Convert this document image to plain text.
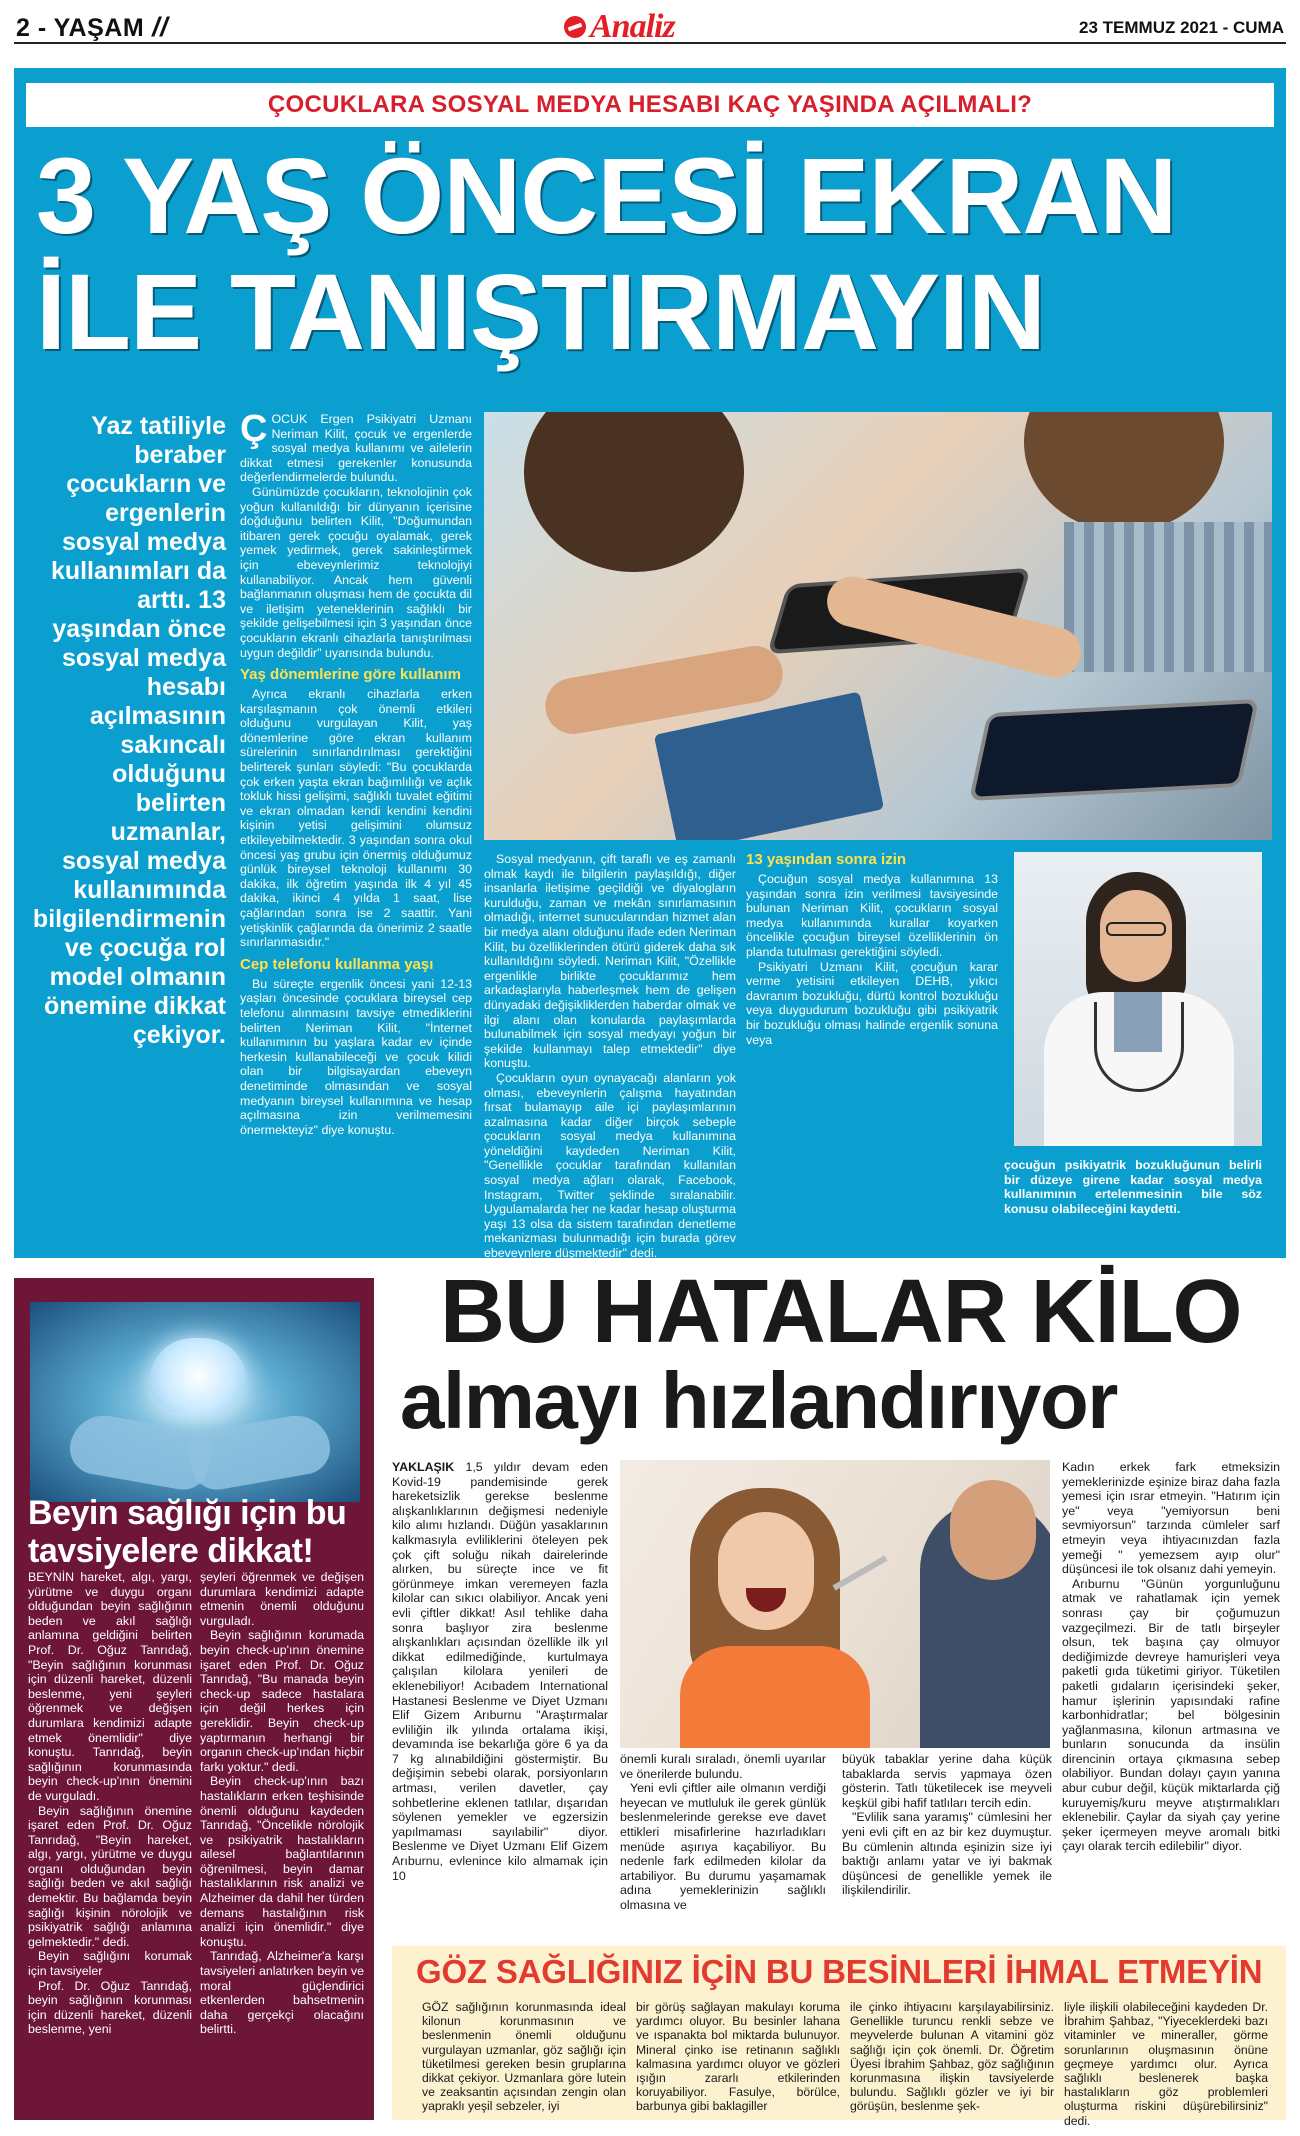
2 - YAŞAM //	Analiz	23 TEMMUZ 2021 - CUMA
ÇOCUKLARA SOSYAL MEDYA HESABI KAÇ YAŞINDA AÇILMALI?
3 YAŞ ÖNCESİ EKRAN
İLE TANIŞTIRMAYIN
Yaz tatiliyle beraber çocukların ve ergenlerin sosyal medya kullanımları da arttı. 13 yaşından önce sosyal medya hesabı açılmasının sakıncalı olduğunu belirten uzmanlar, sosyal medya kullanımında bilgilendirmenin ve çocuğa rol model olmanın önemine dikkat çekiyor.

ÇOCUK Ergen Psikiyatri Uzmanı Neriman Kilit, çocuk ve ergenlerde sosyal medya kullanımı ve ailelerin dikkat etmesi gerekenler konusunda değerlendirmelerde bulundu.

Günümüzde çocukların, teknolojinin çok yoğun kullanıldığı bir dünyanın içerisine doğduğunu belirten Kilit, "Doğumundan itibaren gerek çocuğu oyalamak, gerek yemek yedirmek, gerek sakinleştirmek için ebeveynlerimiz teknolojiyi kullanabiliyor. Ancak hem güvenli bağlanmanın oluşması hem de çocukta dil ve iletişim yeteneklerinin sağlıklı bir şekilde gelişebilmesi için 3 yaşından önce çocukların ekranlı cihazlarla tanıştırılması uygun değildir" uyarısında bulundu.

Yaş dönemlerine göre kullanım

Ayrıca ekranlı cihazlarla erken karşılaşmanın çok önemli etkileri olduğunu vurgulayan Kilit, yaş dönemlerine göre ekran kullanım sürelerinin sınırlandırılması gerektiğini belirterek şunları söyledi: "Bu çocuklarda çok erken yaşta ekran bağımlılığı ve açlık tokluk hissi gelişimi, sağlıklı tuvalet eğitimi ve ekran olmadan kendi kendini kendini kişinin yetisi gelişimini olumsuz etkileyebilmektedir. 3 yaşından sonra okul öncesi yaş grubu için önermiş olduğumuz günlük bireysel teknoloji kullanımı 30 dakika, ilk öğretim yaşında ilk 4 yıl 45 dakika, ikinci 4 yılda 1 saat, lise çağlarından sonra ise 2 saattir. Yani yetişkinlik çağlarında da önerimiz 2 saatle sınırlanmasıdır."

Cep telefonu kullanma yaşı

Bu süreçte ergenlik öncesi yani 12-13 yaşları öncesinde çocuklara bireysel cep telefonu alınmasını tavsiye etmediklerini belirten Neriman Kilit, "İnternet kullanımının bu yaşlara kadar ev içinde herkesin kullanabileceği ve çocuk kilidi olan bir bilgisayardan ebeveyn denetiminde olmasından ve sosyal medyanın bireysel kullanımına ve hesap açılmasına izin verilmemesini önermekteyiz" diye konuştu.

Sosyal medyanın, çift taraflı ve eş zamanlı olmak kaydı ile bilgilerin paylaşıldığı, diğer insanlarla iletişime geçildiği ve diyalogların kurulduğu, zaman ve mekân sınırlamasının olmadığı, internet sunucularından hizmet alan bir medya alanı olduğunu ifade eden Neriman Kilit, bu özelliklerinden ötürü giderek daha sık kullanıldığını söyledi. Neriman Kilit, "Özellikle ergenlikle birlikte çocuklarımız hem arkadaşlarıyla haberleşmek hem de gelişen dünyadaki değişikliklerden haberdar olmak ve ilgi alanı olan konularda paylaşımlarda bulunabilmek için sosyal medyayı yoğun bir şekilde kullanmayı talep etmektedir" diye konuştu.

Çocukların oyun oynayacağı alanların yok olması, ebeveynlerin çalışma hayatından fırsat bulamayıp aile içi paylaşımlarının azalmasına kadar diğer birçok sebeple çocukların sosyal medya kullanımına yöneldiğini kaydeden Neriman Kilit, "Genellikle çocuklar tarafından kullanılan sosyal medya ağları olarak, Facebook, Instagram, Twitter şeklinde sıralanabilir. Uygulamalarda her ne kadar hesap oluşturma yaşı 13 olsa da sistem tarafından denetleme mekanizması bulunmadığı için burada görev ebeveynlere düşmektedir" dedi.

13 yaşından sonra izin

Çocuğun sosyal medya kullanımına 13 yaşından sonra izin verilmesi tavsiyesinde bulunan Neriman Kilit, çocukların sosyal medya kullanımında kurallar koyarken öncelikle çocuğun bireysel özelliklerinin ön planda tutulması gerektiğini söyledi.

Psikiyatri Uzmanı Kilit, çocuğun karar verme yetisini etkileyen DEHB, yıkıcı davranım bozukluğu, dürtü kontrol bozukluğu veya duygudurum bozukluğu gibi psikiyatrik bir bozukluğu olması halinde ergenlik sonuna veya

çocuğun psikiyatrik bozukluğunun belirli bir düzeye girene kadar sosyal medya kullanımının ertelenmesinin bile söz konusu olabileceğini kaydetti.

Beyin sağlığı için bu tavsiyelere dikkat!

BEYNİN hareket, algı, yargı, yürütme ve duygu organı olduğundan beyin sağlığının beden ve akıl sağlığı anlamına geldiğini belirten Prof. Dr. Oğuz Tanrıdağ, "Beyin sağlığının korunması için düzenli hareket, düzenli beslenme, yeni şeyleri öğrenmek ve değişen durumlara kendimizi adapte etmek önemlidir" diye konuştu. Tanrıdağ, beyin sağlığının korunmasında beyin check-up'ının önemini de vurguladı.

Beyin sağlığının önemine işaret eden Prof. Dr. Oğuz Tanrıdağ, "Beyin hareket, algı, yargı, yürütme ve duygu organı olduğundan beyin sağlığı beden ve akıl sağlığı demektir. Bu bağlamda beyin sağlığı kişinin nörolojik ve psikiyatrik sağlığı anlamına gelmektedir." dedi.

Beyin sağlığını korumak için tavsiyeler

Prof. Dr. Oğuz Tanrıdağ, beyin sağlığının korunması için düzenli hareket, düzenli beslenme, yeni

şeyleri öğrenmek ve değişen durumlara kendimizi adapte etmenin önemli olduğunu vurguladı.

Beyin sağlığının korumada beyin check-up'ının önemine işaret eden Prof. Dr. Oğuz Tanrıdağ, "Bu manada beyin check-up sadece hastalara için değil herkes için gereklidir. Beyin check-up yaptırmanın herhangi bir organın check-up'ından hiçbir farkı yoktur." dedi.

Beyin check-up'ının bazı hastalıkların erken teşhisinde önemli olduğunu kaydeden Tanrıdağ, "Öncelikle nörolojik ve psikiyatrik hastalıkların ailesel bağlantılarının öğrenilmesi, beyin damar hastalıklarının risk analizi ve Alzheimer da dahil her türden demans hastalığının risk analizi için önemlidir." diye konuştu.

Tanrıdağ, Alzheimer'a karşı tavsiyeleri anlatırken beyin ve moral güçlendirici etkenlerden bahsetmenin daha gerçekçi olacağını belirtti.

BU HATALAR KİLO
almayı hızlandırıyor

YAKLAŞIK 1,5 yıldır devam eden Kovid-19 pandemisinde gerek hareketsizlik gerekse beslenme alışkanlıklarının değişmesi nedeniyle kilo alımı hızlandı. Düğün yasaklarının kalkmasıyla evliliklerini öteleyen pek çok çift soluğu nikah dairelerinde alırken, bu süreçte ince ve fit görünmeye imkan veremeyen fazla kilolar can sıkıcı olabiliyor. Ancak yeni evli çiftler dikkat! Asıl tehlike daha sonra başlıyor zira beslenme alışkanlıkları açısından özellikle ilk yıl dikkat edilmediğinde, kurtulmaya çalışılan kilolara yenileri de eklenebiliyor! Acıbadem International Hastanesi Beslenme ve Diyet Uzmanı Elif Gizem Arıburnu "Araştırmalar evliliğin ilk yılında ortalama ikişi, devamında ise bekarlığa göre 6 ya da 7 kg alınabildiğini göstermiştir. Bu değişimin sebebi olarak, porsiyonların artması, verilen davetler, çay sohbetlerine eklenen tatlılar, dışarıdan söylenen yemekler ve egzersizin yapılmaması sayılabilir" diyor. Beslenme ve Diyet Uzmanı Elif Gizem Arıburnu, evlenince kilo almamak için 10

önemli kuralı sıraladı, önemli uyarılar ve önerilerde bulundu.

Yeni evli çiftler aile olmanın verdiği heyecan ve mutluluk ile gerek günlük beslenmelerinde gerekse eve davet ettikleri misafirlerine hazırladıkları menüde aşırıya kaçabiliyor. Bu nedenle fark edilmeden kilolar da artabiliyor. Bu durumu yaşamamak adına yemeklerinizin sağlıklı olmasına ve

büyük tabaklar yerine daha küçük tabaklarda servis yapmaya özen gösterin. Tatlı tüketilecek ise meyveli keşkül gibi hafif tatlıları tercih edin.

"Evlilik sana yaramış" cümlesini her yeni evli çift en az bir kez duymuştur. Bu cümlenin altında eşinizin size iyi baktığı anlamı yatar ve iyi bakmak düşüncesi de genellikle yemek ile ilişkilendirilir.

Kadın erkek fark etmeksizin yemeklerinizde eşinize biraz daha fazla yemesi için ısrar etmeyin. "Hatırım için ye" veya "yemiyorsun beni sevmiyorsun" tarzında cümleler sarf etmeyin veya ihtiyacınızdan fazla yemeği " yemezsem ayıp olur" düşüncesi ile tok olsanız dahi yemeyin.

Arıburnu "Günün yorgunluğunu atmak ve rahatlamak için yemek sonrası çay bir çoğumuzun vazgeçilmezi. Bir de tatlı birşeyler olsun, tek başına çay olmuyor dediğimizde devreye hamurişleri veya paketli gıda tüketimi giriyor. Tüketilen paketli gıdaların içerisindeki şeker, hamur işlerinin yapısındaki rafine karbonhidratlar; bel bölgesinin yağlanmasına, kilonun artmasına ve bunların sonucunda da insülin direncinin ortaya çıkmasına sebep olabiliyor. Bundan dolayı çayın yanına abur cubur değil, küçük miktarlarda çiğ kuruyemiş/kuru meyve atıştırmalıkları eklenebilir. Çaylar da siyah çay yerine şeker içermeyen meyve aromalı bitki çayı olarak tercih edilebilir" diyor.

GÖZ SAĞLIĞINIZ İÇİN BU BESİNLERİ İHMAL ETMEYİN
GÖZ sağlığının korunmasında ideal kilonun korunmasının ve beslenmenin önemli olduğunu vurgulayan uzmanlar, göz sağlığı için tüketilmesi gereken besin gruplarına dikkat çekiyor. Uzmanlara göre lutein ve zeaksantin açısından zengin olan yapraklı yeşil sebzeler, iyi
bir görüş sağlayan makulayı koruma yardımcı oluyor. Bu besinler lahana ve ıspanakta bol miktarda bulunuyor. Mineral çinko ise retinanın sağlıklı kalmasına yardımcı oluyor ve gözleri ışığın zararlı etkilerinden koruyabiliyor. Fasulye, börülce, barbunya gibi baklagiller
ile çinko ihtiyacını karşılayabilirsiniz. Genellikle turuncu renkli sebze ve meyvelerde bulunan A vitamini göz sağlığı için çok önemli. Dr. Öğretim Üyesi İbrahim Şahbaz, göz sağlığının korunmasına ilişkin tavsiyelerde bulundu. Sağlıklı gözler ve iyi bir görüşün, beslenme şek-
liyle ilişkili olabileceğini kaydeden Dr. İbrahim Şahbaz, "Yiyeceklerdeki bazı vitaminler ve mineraller, görme sorunlarının oluşmasının önüne geçmeye yardımcı olur. Ayrıca sağlıklı beslenerek başka hastalıkların göz problemleri oluşturma riskini düşürebilirsiniz" dedi.
